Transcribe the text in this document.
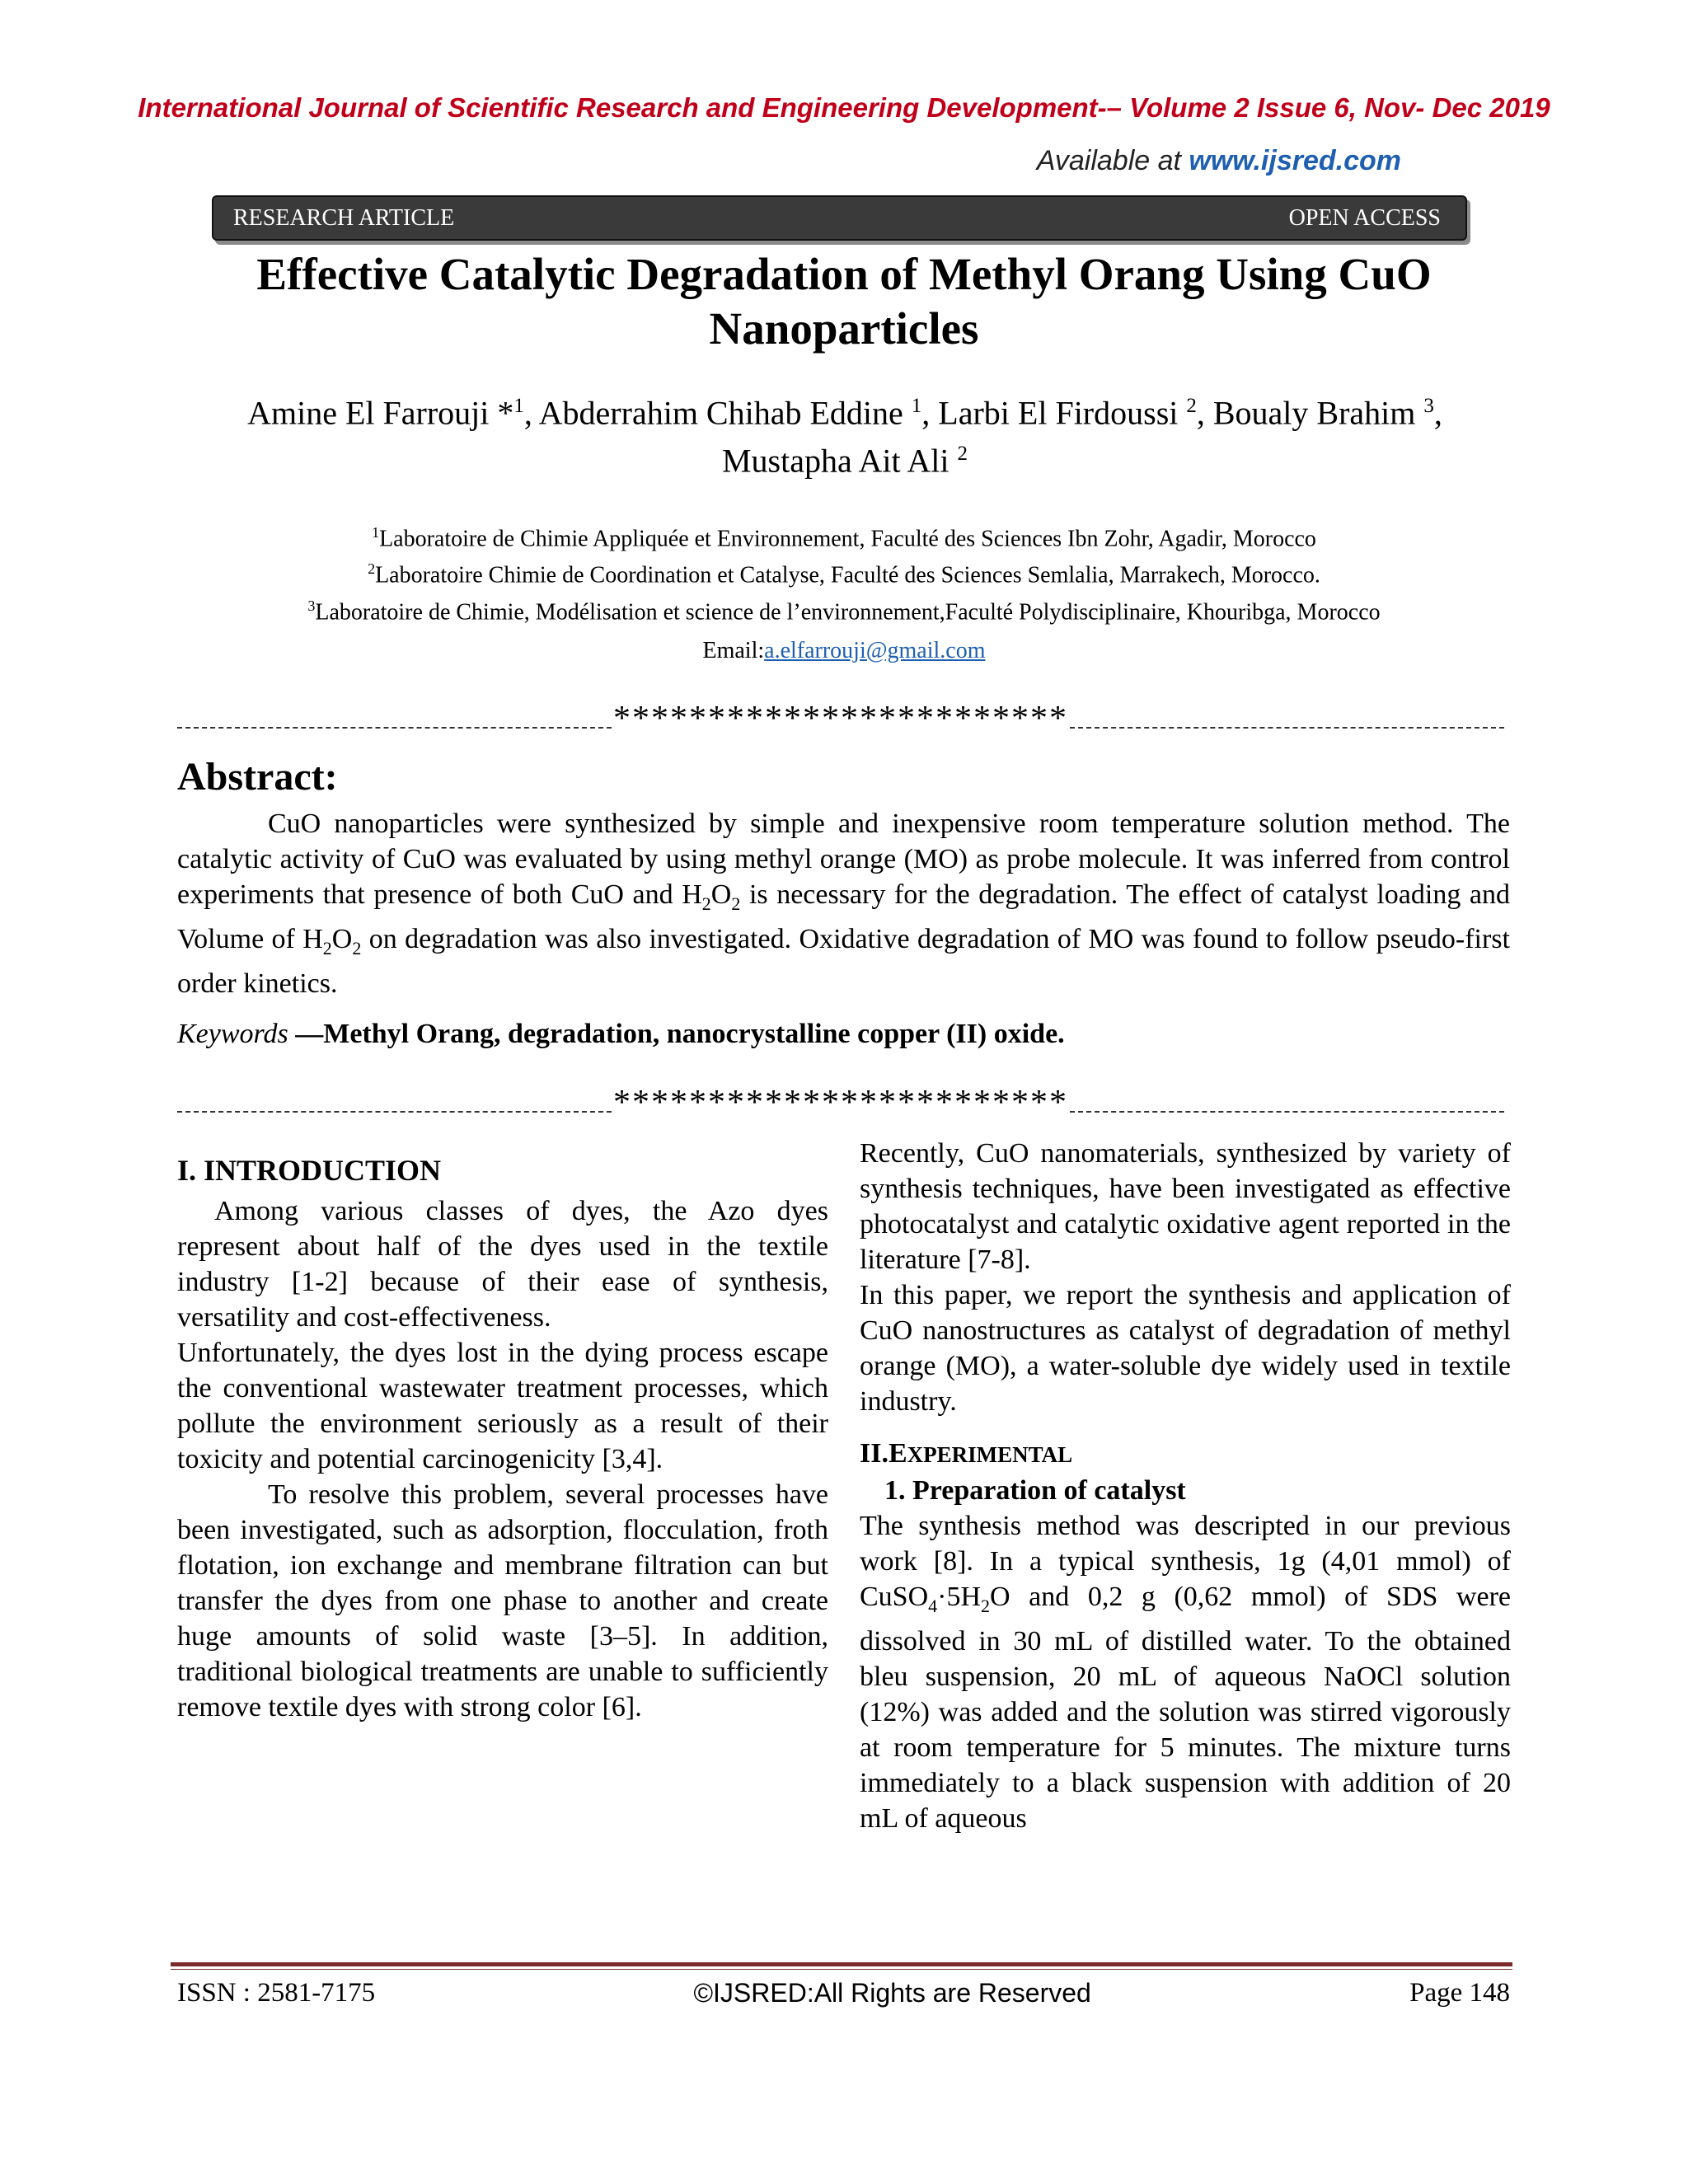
International Journal of Scientific Research and Engineering Development-– Volume 2 Issue 6, Nov- Dec 2019
Available at www.ijsred.com
RESEARCH ARTICLE	OPEN ACCESS
Effective Catalytic Degradation of Methyl Orang Using CuO
Nanoparticles
Amine El Farrouji *$^1$, Abderrahim Chihab Eddine $^1$, Larbi El Firdoussi $^2$, Boualy Brahim $^3$, Mustapha Ait Ali $^2$
$^1$Laboratoire de Chimie Appliquée et Environnement, Faculté des Sciences Ibn Zohr, Agadir, Morocco
$^2$Laboratoire Chimie de Coordination et Catalyse, Faculté des Sciences Semlalia, Marrakech, Morocco.
$^3$Laboratoire de Chimie, Modélisation et science de l’environnement,Faculté Polydisciplinaire, Khouribga, Morocco
Email:a.elfarrouji@gmail.com
************************
Abstract:
CuO nanoparticles were synthesized by simple and inexpensive room temperature solution method. The catalytic activity of CuO was evaluated by using methyl orange (MO) as probe molecule. It was inferred from control experiments that presence of both CuO and $H_2O_2$ is necessary for the degradation. The effect of catalyst loading and Volume of $H_2O_2$ on degradation was also investigated. Oxidative degradation of MO was found to follow pseudo-first order kinetics.
Keywords —Methyl Orang, degradation, nanocrystalline copper (II) oxide.
************************

I. INTRODUCTION

Among various classes of dyes, the Azo dyes represent about half of the dyes used in the textile industry [1-2] because of their ease of synthesis, versatility and cost-effectiveness.

Unfortunately, the dyes lost in the dying process escape the conventional wastewater treatment processes, which pollute the environment seriously as a result of their toxicity and potential carcinogenicity [3,4].

To resolve this problem, several processes have been investigated, such as adsorption, flocculation, froth flotation, ion exchange and membrane filtration can but transfer the dyes from one phase to another and create huge amounts of solid waste [3–5]. In addition, traditional biological treatments are unable to sufficiently remove textile dyes with strong color [6].

Recently, CuO nanomaterials, synthesized by variety of synthesis techniques, have been investigated as effective photocatalyst and catalytic oxidative agent reported in the literature [7-8].

In this paper, we report the synthesis and application of CuO nanostructures as catalyst of degradation of methyl orange (MO), a water-soluble dye widely used in textile industry.

II.EXPERIMENTAL

1. Preparation of catalyst

The synthesis method was descripted in our previous work [8]. In a typical synthesis, 1g (4,01 mmol) of $CuSO_4\cdot 5H_2O$ and 0,2 g (0,62 mmol) of SDS were dissolved in 30 mL of distilled water. To the obtained bleu suspension, 20 mL of aqueous NaOCl solution (12%) was added and the solution was stirred vigorously at room temperature for 5 minutes. The mixture turns immediately to a black suspension with addition of 20 mL of aqueous

ISSN : 2581-7175	©IJSRED:All Rights are Reserved	Page 148
